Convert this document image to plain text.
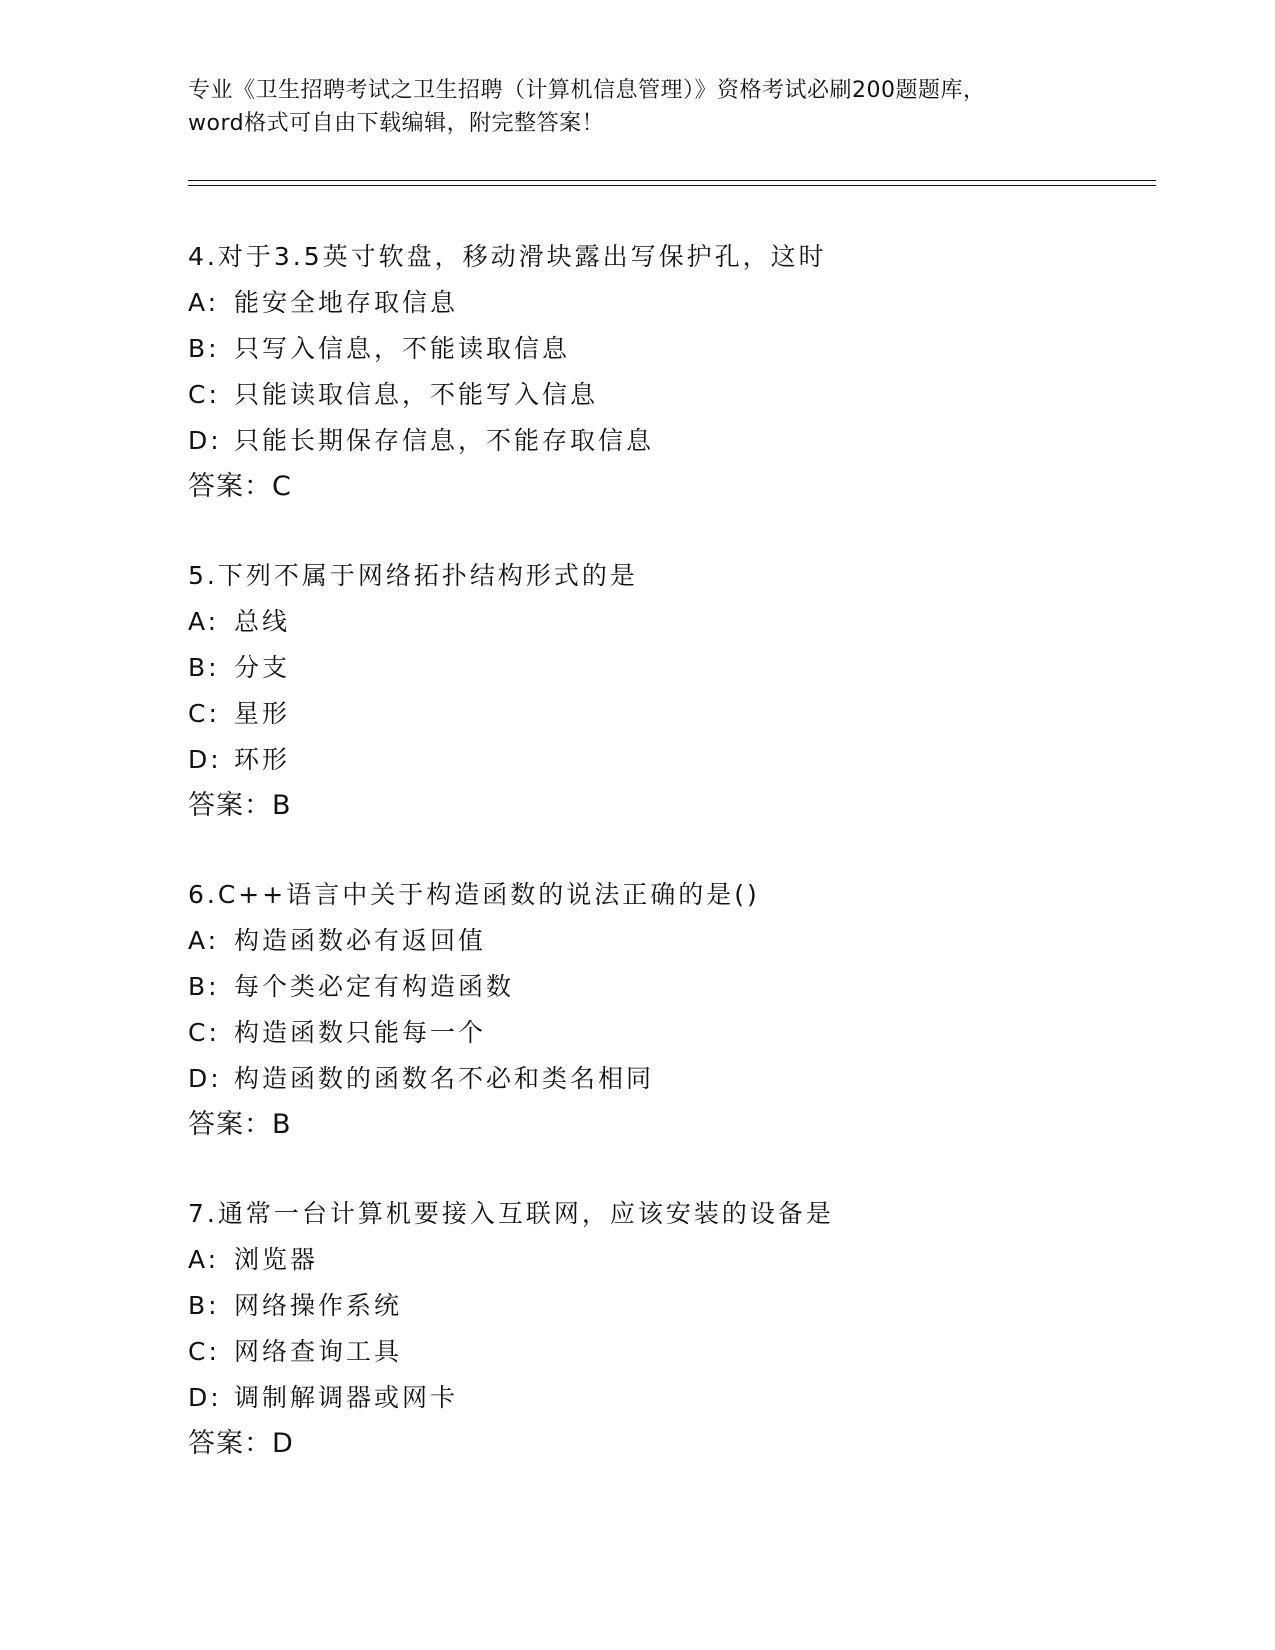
专业《卫生招聘考试之卫生招聘（计算机信息管理）》资格考试必刷200题题库，
word格式可自由下载编辑，附完整答案！
4.对于3.5英寸软盘，移动滑块露出写保护孔，这时
A: 能安全地存取信息
B: 只写入信息，不能读取信息
C: 只能读取信息，不能写入信息
D: 只能长期保存信息，不能存取信息
答案：C
5.下列不属于网络拓扑结构形式的是
A: 总线
B: 分支
C: 星形
D: 环形
答案：B
6.C++语言中关于构造函数的说法正确的是()
A: 构造函数必有返回值
B: 每个类必定有构造函数
C: 构造函数只能每一个
D: 构造函数的函数名不必和类名相同
答案：B
7.通常一台计算机要接入互联网，应该安装的设备是
A: 浏览器
B: 网络操作系统
C: 网络查询工具
D: 调制解调器或网卡
答案：D
